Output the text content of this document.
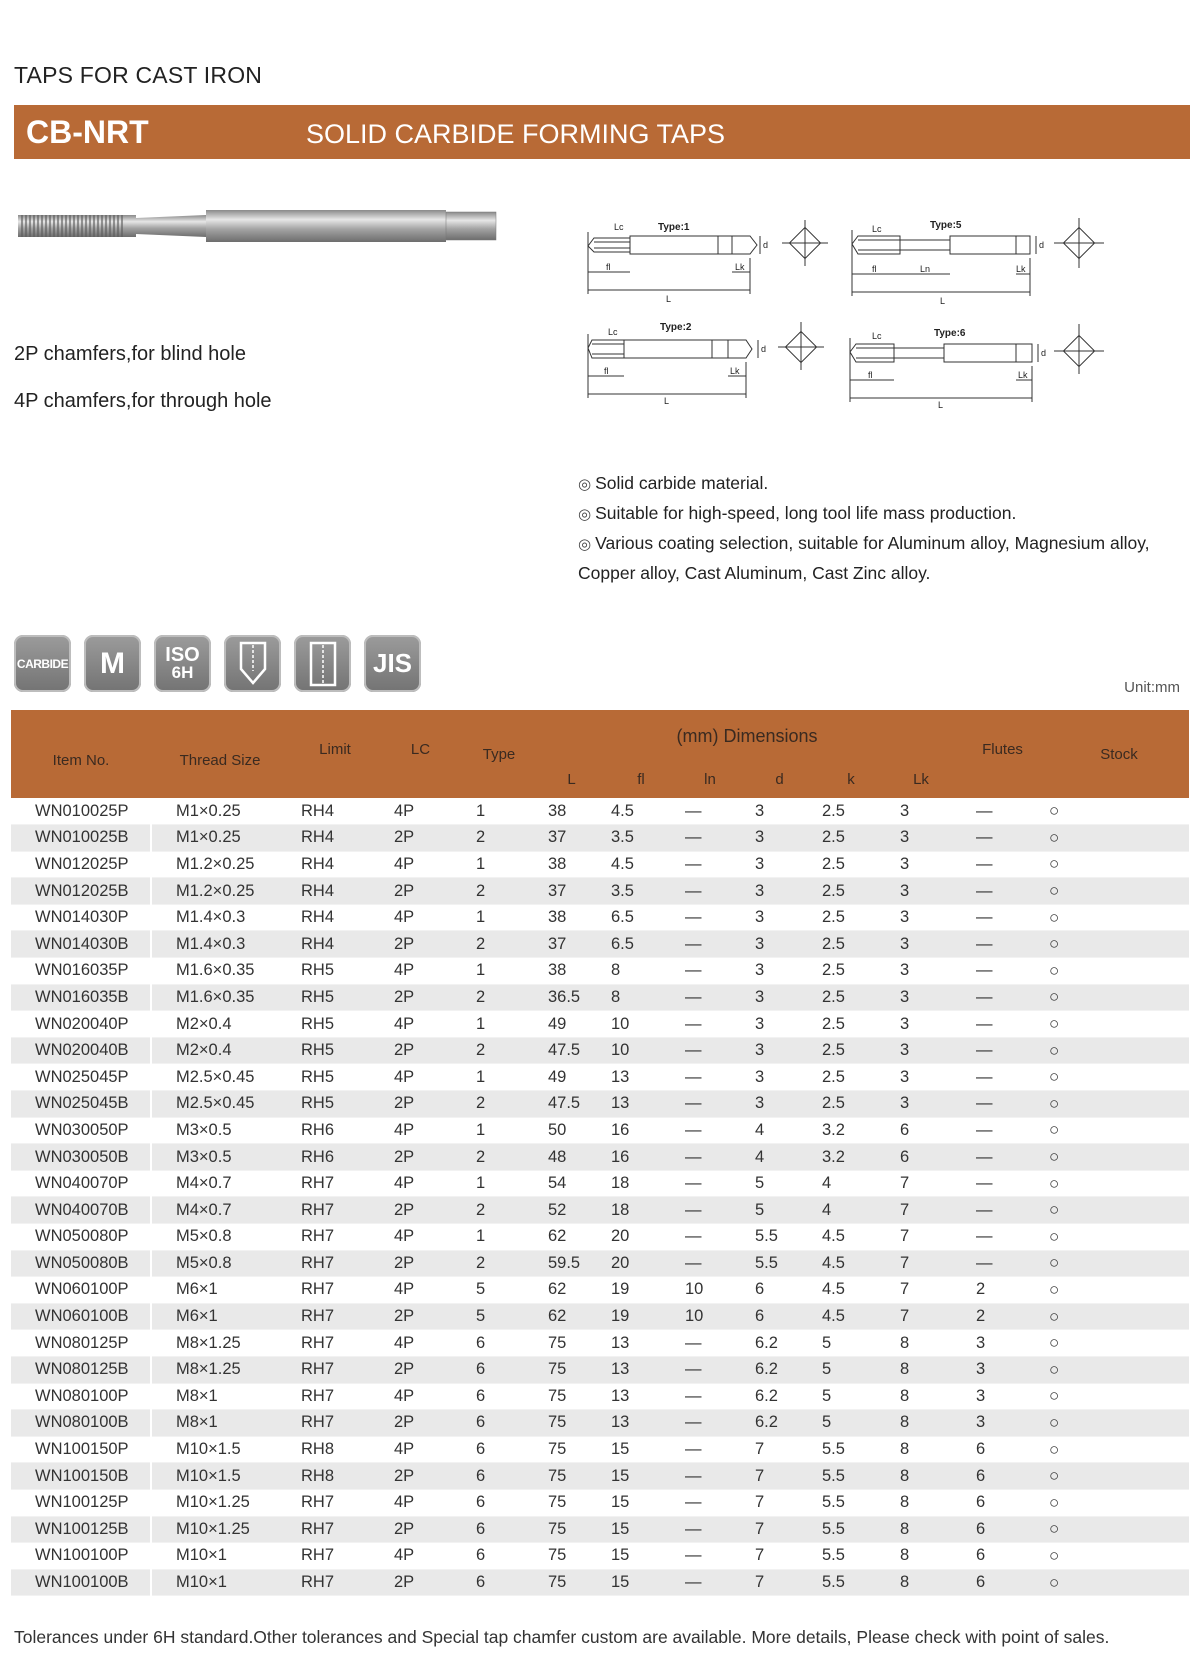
TAPS FOR CAST IRON
CB-NRT	SOLID CARBIDE FORMING TAPS
2P chamfers,for blind hole
4P chamfers,for through hole
Type:1
Lc
fl	Lk
d
L
Type:5
Lc
fl	Ln	Lk
d
L
Type:2
Lc
fl	Lk
d
L
Type:6
Lc
fl	Lk
d
L
◎ Solid carbide material.
◎ Suitable for high-speed, long tool life mass production.
◎ Various coating selection, suitable for Aluminum alloy, Magnesium alloy,
Copper alloy, Cast Aluminum, Cast Zinc alloy.
CARBIDE M ISO
6H	JIS
Unit:mm
Item No.	Thread Size	Limit	LC	Type	(mm) Dimensions						Flutes	Stock
					L	fl	ln	d	k	Lk		
WN010025P	M1×0.25	RH4	4P	1	38	4.5	—	3	2.5	3	—	○
WN010025B	M1×0.25	RH4	2P	2	37	3.5	—	3	2.5	3	—	○
WN012025P	M1.2×0.25	RH4	4P	1	38	4.5	—	3	2.5	3	—	○
WN012025B	M1.2×0.25	RH4	2P	2	37	3.5	—	3	2.5	3	—	○
WN014030P	M1.4×0.3	RH4	4P	1	38	6.5	—	3	2.5	3	—	○
WN014030B	M1.4×0.3	RH4	2P	2	37	6.5	—	3	2.5	3	—	○
WN016035P	M1.6×0.35	RH5	4P	1	38	8	—	3	2.5	3	—	○
WN016035B	M1.6×0.35	RH5	2P	2	36.5	8	—	3	2.5	3	—	○
WN020040P	M2×0.4	RH5	4P	1	49	10	—	3	2.5	3	—	○
WN020040B	M2×0.4	RH5	2P	2	47.5	10	—	3	2.5	3	—	○
WN025045P	M2.5×0.45	RH5	4P	1	49	13	—	3	2.5	3	—	○
WN025045B	M2.5×0.45	RH5	2P	2	47.5	13	—	3	2.5	3	—	○
WN030050P	M3×0.5	RH6	4P	1	50	16	—	4	3.2	6	—	○
WN030050B	M3×0.5	RH6	2P	2	48	16	—	4	3.2	6	—	○
WN040070P	M4×0.7	RH7	4P	1	54	18	—	5	4	7	—	○
WN040070B	M4×0.7	RH7	2P	2	52	18	—	5	4	7	—	○
WN050080P	M5×0.8	RH7	4P	1	62	20	—	5.5	4.5	7	—	○
WN050080B	M5×0.8	RH7	2P	2	59.5	20	—	5.5	4.5	7	—	○
WN060100P	M6×1	RH7	4P	5	62	19	10	6	4.5	7	2	○
WN060100B	M6×1	RH7	2P	5	62	19	10	6	4.5	7	2	○
WN080125P	M8×1.25	RH7	4P	6	75	13	—	6.2	5	8	3	○
WN080125B	M8×1.25	RH7	2P	6	75	13	—	6.2	5	8	3	○
WN080100P	M8×1	RH7	4P	6	75	13	—	6.2	5	8	3	○
WN080100B	M8×1	RH7	2P	6	75	13	—	6.2	5	8	3	○
WN100150P	M10×1.5	RH8	4P	6	75	15	—	7	5.5	8	6	○
WN100150B	M10×1.5	RH8	2P	6	75	15	—	7	5.5	8	6	○
WN100125P	M10×1.25	RH7	4P	6	75	15	—	7	5.5	8	6	○
WN100125B	M10×1.25	RH7	2P	6	75	15	—	7	5.5	8	6	○
WN100100P	M10×1	RH7	4P	6	75	15	—	7	5.5	8	6	○
WN100100B	M10×1	RH7	2P	6	75	15	—	7	5.5	8	6	○
Tolerances under 6H standard.Other tolerances and Special tap chamfer custom are available. More details, Please check with point of sales.
